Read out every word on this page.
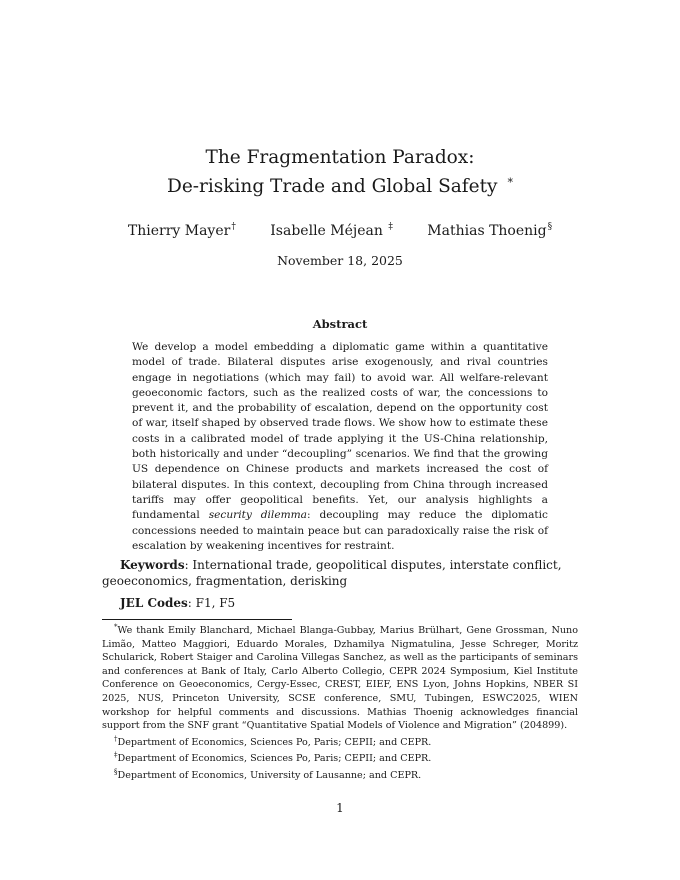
The Fragmentation Paradox:
De-risking Trade and Global Safety *
Thierry Mayer† Isabelle Méjean ‡ Mathias Thoenig§
November 18, 2025
Abstract

We develop a model embedding a diplomatic game within a quantitative model of trade. Bilateral disputes arise exogenously, and rival countries engage in negotiations (which may fail) to avoid war. All welfare-relevant geoeconomic factors, such as the realized costs of war, the concessions to prevent it, and the probability of escalation, depend on the opportunity cost of war, itself shaped by observed trade flows. We show how to estimate these costs in a calibrated model of trade applying it the US-China relationship, both historically and under “decoupling” scenarios. We find that the growing US dependence on Chinese products and markets increased the cost of bilateral disputes. In this context, decoupling from China through increased tariffs may offer geopolitical benefits. Yet, our analysis highlights a fundamental security dilemma: decoupling may reduce the diplomatic concessions needed to maintain peace but can paradoxically raise the risk of escalation by weakening incentives for restraint.

Keywords: International trade, geopolitical disputes, interstate conflict, geoeconomics, fragmentation, derisking

JEL Codes: F1, F5

*We thank Emily Blanchard, Michael Blanga-Gubbay, Marius Brülhart, Gene Grossman, Nuno Limão, Matteo Maggiori, Eduardo Morales, Dzhamilya Nigmatulina, Jesse Schreger, Moritz Schularick, Robert Staiger and Carolina Villegas Sanchez, as well as the participants of seminars and conferences at Bank of Italy, Carlo Alberto Collegio, CEPR 2024 Symposium, Kiel Institute Conference on Geoeconomics, Cergy-Essec, CREST, EIEF, ENS Lyon, Johns Hopkins, NBER SI 2025, NUS, Princeton University, SCSE conference, SMU, Tubingen, ESWC2025, WIEN workshop for helpful comments and discussions. Mathias Thoenig acknowledges financial support from the SNF grant “Quantitative Spatial Models of Violence and Migration” (204899).

†Department of Economics, Sciences Po, Paris; CEPII; and CEPR.

‡Department of Economics, Sciences Po, Paris; CEPII; and CEPR.

§Department of Economics, University of Lausanne; and CEPR.

1
